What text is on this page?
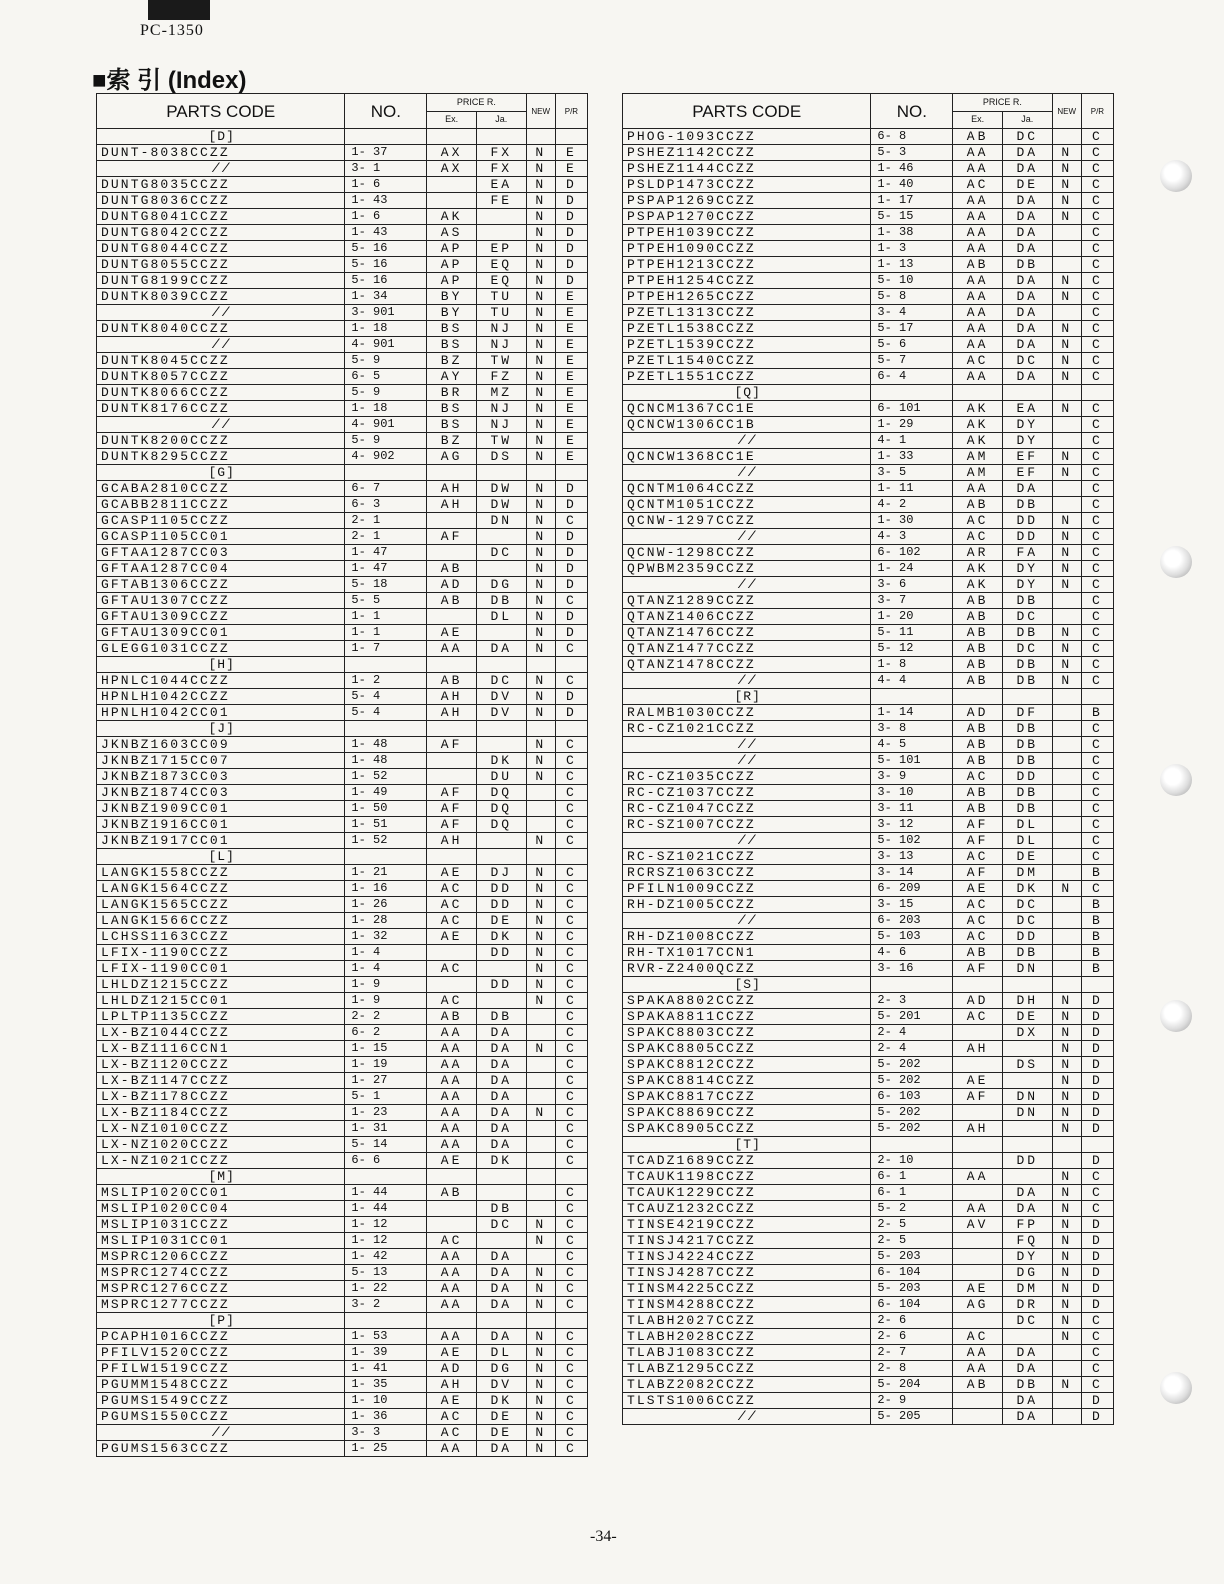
PC-1350
■索 引 (Index)
PARTS CODE	NO.	PRICE R.		NEW	P/R
		Ex.	Ja.		
[D]					
DUNT-8038CCZZ	1- 37	AX	FX	N	E
//	3- 1	AX	FX	N	E
DUNTG8035CCZZ	1- 6		EA	N	D
DUNTG8036CCZZ	1- 43		FE	N	D
DUNTG8041CCZZ	1- 6	AK		N	D
DUNTG8042CCZZ	1- 43	AS		N	D
DUNTG8044CCZZ	5- 16	AP	EP	N	D
DUNTG8055CCZZ	5- 16	AP	EQ	N	D
DUNTG8199CCZZ	5- 16	AP	EQ	N	D
DUNTK8039CCZZ	1- 34	BY	TU	N	E
//	3- 901	BY	TU	N	E
DUNTK8040CCZZ	1- 18	BS	NJ	N	E
//	4- 901	BS	NJ	N	E
DUNTK8045CCZZ	5- 9	BZ	TW	N	E
DUNTK8057CCZZ	6- 5	AY	FZ	N	E
DUNTK8066CCZZ	5- 9	BR	MZ	N	E
DUNTK8176CCZZ	1- 18	BS	NJ	N	E
//	4- 901	BS	NJ	N	E
DUNTK8200CCZZ	5- 9	BZ	TW	N	E
DUNTK8295CCZZ	4- 902	AG	DS	N	E
[G]					
GCABA2810CCZZ	6- 7	AH	DW	N	D
GCABB2811CCZZ	6- 3	AH	DW	N	D
GCASP1105CCZZ	2- 1		DN	N	C
GCASP1105CC01	2- 1	AF		N	D
GFTAA1287CC03	1- 47		DC	N	D
GFTAA1287CC04	1- 47	AB		N	D
GFTAB1306CCZZ	5- 18	AD	DG	N	D
GFTAU1307CCZZ	5- 5	AB	DB	N	C
GFTAU1309CCZZ	1- 1		DL	N	D
GFTAU1309CC01	1- 1	AE		N	D
GLEGG1031CCZZ	1- 7	AA	DA	N	C
[H]					
HPNLC1044CCZZ	1- 2	AB	DC	N	C
HPNLH1042CCZZ	5- 4	AH	DV	N	D
HPNLH1042CC01	5- 4	AH	DV	N	D
[J]					
JKNBZ1603CC09	1- 48	AF		N	C
JKNBZ1715CC07	1- 48		DK	N	C
JKNBZ1873CC03	1- 52		DU	N	C
JKNBZ1874CC03	1- 49	AF	DQ		C
JKNBZ1909CC01	1- 50	AF	DQ		C
JKNBZ1916CC01	1- 51	AF	DQ		C
JKNBZ1917CC01	1- 52	AH		N	C
[L]					
LANGK1558CCZZ	1- 21	AE	DJ	N	C
LANGK1564CCZZ	1- 16	AC	DD	N	C
LANGK1565CCZZ	1- 26	AC	DD	N	C
LANGK1566CCZZ	1- 28	AC	DE	N	C
LCHSS1163CCZZ	1- 32	AE	DK	N	C
LFIX-1190CCZZ	1- 4		DD	N	C
LFIX-1190CC01	1- 4	AC		N	C
LHLDZ1215CCZZ	1- 9		DD	N	C
LHLDZ1215CC01	1- 9	AC		N	C
LPLTP1135CCZZ	2- 2	AB	DB		C
LX-BZ1044CCZZ	6- 2	AA	DA		C
LX-BZ1116CCN1	1- 15	AA	DA	N	C
LX-BZ1120CCZZ	1- 19	AA	DA		C
LX-BZ1147CCZZ	1- 27	AA	DA		C
LX-BZ1178CCZZ	5- 1	AA	DA		C
LX-BZ1184CCZZ	1- 23	AA	DA	N	C
LX-NZ1010CCZZ	1- 31	AA	DA		C
LX-NZ1020CCZZ	5- 14	AA	DA		C
LX-NZ1021CCZZ	6- 6	AE	DK		C
[M]					
MSLIP1020CC01	1- 44	AB			C
MSLIP1020CC04	1- 44		DB		C
MSLIP1031CCZZ	1- 12		DC	N	C
MSLIP1031CC01	1- 12	AC		N	C
MSPRC1206CCZZ	1- 42	AA	DA		C
MSPRC1274CCZZ	5- 13	AA	DA	N	C
MSPRC1276CCZZ	1- 22	AA	DA	N	C
MSPRC1277CCZZ	3- 2	AA	DA	N	C
[P]					
PCAPH1016CCZZ	1- 53	AA	DA	N	C
PFILV1520CCZZ	1- 39	AE	DL	N	C
PFILW1519CCZZ	1- 41	AD	DG	N	C
PGUMM1548CCZZ	1- 35	AH	DV	N	C
PGUMS1549CCZZ	1- 10	AE	DK	N	C
PGUMS1550CCZZ	1- 36	AC	DE	N	C
//	3- 3	AC	DE	N	C
PGUMS1563CCZZ	1- 25	AA	DA	N	C
PARTS CODE	NO.	PRICE R.		NEW	P/R
		Ex.	Ja.		
PHOG-1093CCZZ	6- 8	AB	DC		C
PSHEZ1142CCZZ	5- 3	AA	DA	N	C
PSHEZ1144CCZZ	1- 46	AA	DA	N	C
PSLDP1473CCZZ	1- 40	AC	DE	N	C
PSPAP1269CCZZ	1- 17	AA	DA	N	C
PSPAP1270CCZZ	5- 15	AA	DA	N	C
PTPEH1039CCZZ	1- 38	AA	DA		C
PTPEH1090CCZZ	1- 3	AA	DA		C
PTPEH1213CCZZ	1- 13	AB	DB		C
PTPEH1254CCZZ	5- 10	AA	DA	N	C
PTPEH1265CCZZ	5- 8	AA	DA	N	C
PZETL1313CCZZ	3- 4	AA	DA		C
PZETL1538CCZZ	5- 17	AA	DA	N	C
PZETL1539CCZZ	5- 6	AA	DA	N	C
PZETL1540CCZZ	5- 7	AC	DC	N	C
PZETL1551CCZZ	6- 4	AA	DA	N	C
[Q]					
QCNCM1367CC1E	6- 101	AK	EA	N	C
QCNCW1306CC1B	1- 29	AK	DY		C
//	4- 1	AK	DY		C
QCNCW1368CC1E	1- 33	AM	EF	N	C
//	3- 5	AM	EF	N	C
QCNTM1064CCZZ	1- 11	AA	DA		C
QCNTM1051CCZZ	4- 2	AB	DB		C
QCNW-1297CCZZ	1- 30	AC	DD	N	C
//	4- 3	AC	DD	N	C
QCNW-1298CCZZ	6- 102	AR	FA	N	C
QPWBM2359CCZZ	1- 24	AK	DY	N	C
//	3- 6	AK	DY	N	C
QTANZ1289CCZZ	3- 7	AB	DB		C
QTANZ1406CCZZ	1- 20	AB	DC		C
QTANZ1476CCZZ	5- 11	AB	DB	N	C
QTANZ1477CCZZ	5- 12	AB	DC	N	C
QTANZ1478CCZZ	1- 8	AB	DB	N	C
//	4- 4	AB	DB	N	C
[R]					
RALMB1030CCZZ	1- 14	AD	DF		B
RC-CZ1021CCZZ	3- 8	AB	DB		C
//	4- 5	AB	DB		C
//	5- 101	AB	DB		C
RC-CZ1035CCZZ	3- 9	AC	DD		C
RC-CZ1037CCZZ	3- 10	AB	DB		C
RC-CZ1047CCZZ	3- 11	AB	DB		C
RC-SZ1007CCZZ	3- 12	AF	DL		C
//	5- 102	AF	DL		C
RC-SZ1021CCZZ	3- 13	AC	DE		C
RCRSZ1063CCZZ	3- 14	AF	DM		B
PFILN1009CCZZ	6- 209	AE	DK	N	C
RH-DZ1005CCZZ	3- 15	AC	DC		B
//	6- 203	AC	DC		B
RH-DZ1008CCZZ	5- 103	AC	DD		B
RH-TX1017CCN1	4- 6	AB	DB		B
RVR-Z2400QCZZ	3- 16	AF	DN		B
[S]					
SPAKA8802CCZZ	2- 3	AD	DH	N	D
SPAKA8811CCZZ	5- 201	AC	DE	N	D
SPAKC8803CCZZ	2- 4		DX	N	D
SPAKC8805CCZZ	2- 4	AH		N	D
SPAKC8812CCZZ	5- 202		DS	N	D
SPAKC8814CCZZ	5- 202	AE		N	D
SPAKC8817CCZZ	6- 103	AF	DN	N	D
SPAKC8869CCZZ	5- 202		DN	N	D
SPAKC8905CCZZ	5- 202	AH		N	D
[T]					
TCADZ1689CCZZ	2- 10		DD		D
TCAUK1198CCZZ	6- 1	AA		N	C
TCAUK1229CCZZ	6- 1		DA	N	C
TCAUZ1232CCZZ	5- 2	AA	DA	N	C
TINSE4219CCZZ	2- 5	AV	FP	N	D
TINSJ4217CCZZ	2- 5		FQ	N	D
TINSJ4224CCZZ	5- 203		DY	N	D
TINSJ4287CCZZ	6- 104		DG	N	D
TINSM4225CCZZ	5- 203	AE	DM	N	D
TINSM4288CCZZ	6- 104	AG	DR	N	D
TLABH2027CCZZ	2- 6		DC	N	C
TLABH2028CCZZ	2- 6	AC		N	C
TLABJ1083CCZZ	2- 7	AA	DA		C
TLABZ1295CCZZ	2- 8	AA	DA		C
TLABZ2082CCZZ	5- 204	AB	DB	N	C
TLSTS1006CCZZ	2- 9		DA		D
//	5- 205		DA		D
-34-
